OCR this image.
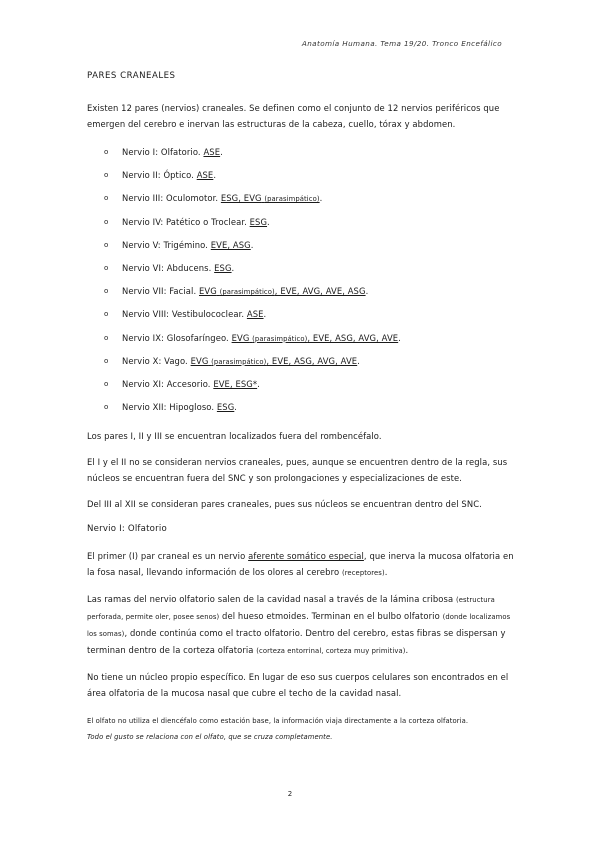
Anatomía Humana. Tema 19/20. Tronco Encefálico
PARES CRANEALES

Existen 12 pares (nervios) craneales. Se definen como el conjunto de 12 nervios periféricos que emergen del cerebro e inervan las estructuras de la cabeza, cuello, tórax y abdomen.

o Nervio I: Olfatorio. ASE.
o Nervio II: Óptico. ASE.
o Nervio III: Oculomotor. ESG, EVG (parasimpático).
o Nervio IV: Patético o Troclear. ESG.
o Nervio V: Trigémino. EVE, ASG.
o Nervio VI: Abducens. ESG.
o Nervio VII: Facial. EVG (parasimpático), EVE, AVG, AVE, ASG.
o Nervio VIII: Vestibulococlear. ASE.
o Nervio IX: Glosofaríngeo. EVG (parasimpático), EVE, ASG, AVG, AVE.
o Nervio X: Vago. EVG (parasimpático), EVE, ASG, AVG, AVE.
o Nervio XI: Accesorio. EVE, ESG*.
o Nervio XII: Hipogloso. ESG.

Los pares I, II y III se encuentran localizados fuera del rombencéfalo.

El I y el II no se consideran nervios craneales, pues, aunque se encuentren dentro de la regla, sus núcleos se encuentran fuera del SNC y son prolongaciones y especializaciones de este.

Del III al XII se consideran pares craneales, pues sus núcleos se encuentran dentro del SNC.

Nervio I: Olfatorio

El primer (I) par craneal es un nervio aferente somático especial, que inerva la mucosa olfatoria en la fosa nasal, llevando información de los olores al cerebro (receptores).

Las ramas del nervio olfatorio salen de la cavidad nasal a través de la lámina cribosa (estructura perforada, permite oler, posee senos) del hueso etmoides. Terminan en el bulbo olfatorio (donde localizamos los somas), donde continúa como el tracto olfatorio. Dentro del cerebro, estas fibras se dispersan y terminan dentro de la corteza olfatoria (corteza entorrinal, corteza muy primitiva).

No tiene un núcleo propio específico. En lugar de eso sus cuerpos celulares son encontrados en el área olfatoria de la mucosa nasal que cubre el techo de la cavidad nasal.

El olfato no utiliza el diencéfalo como estación base, la información viaja directamente a la corteza olfatoria.

Todo el gusto se relaciona con el olfato, que se cruza completamente.

2
